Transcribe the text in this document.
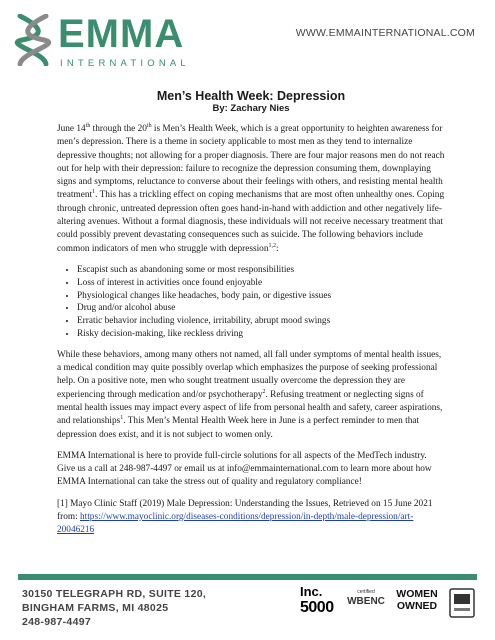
EMMA
INTERNATIONAL
WWW.EMMAINTERNATIONAL.COM
Men’s Health Week: Depression
By: Zachary Nies

June 14th through the 20th is Men’s Health Week, which is a great opportunity to heighten awareness for men’s depression. There is a theme in society applicable to most men as they tend to internalize depressive thoughts; not allowing for a proper diagnosis. There are four major reasons men do not reach out for help with their depression: failure to recognize the depression consuming them, downplaying signs and symptoms, reluctance to converse about their feelings with others, and resisting mental health treatment$^1$. This has a trickling effect on coping mechanisms that are most often unhealthy ones. Coping through chronic, untreated depression often goes hand-in-hand with addiction and other negatively life-altering avenues. Without a formal diagnosis, these individuals will not receive necessary treatment that could possibly prevent devastating consequences such as suicide. The following behaviors include common indicators of men who struggle with depression$^{1,2}$:

• Escapist such as abandoning some or most responsibilities
• Loss of interest in activities once found enjoyable
• Physiological changes like headaches, body pain, or digestive issues
• Drug and/or alcohol abuse
• Erratic behavior including violence, irritability, abrupt mood swings
• Risky decision-making, like reckless driving

While these behaviors, among many others not named, all fall under symptoms of mental health issues, a medical condition may quite possibly overlap which emphasizes the purpose of seeking professional help. On a positive note, men who sought treatment usually overcome the depression they are experiencing through medication and/or psychotherapy$^2$. Refusing treatment or neglecting signs of mental health issues may impact every aspect of life from personal health and safety, career aspirations, and relationships$^1$. This Men’s Mental Health Week here in June is a perfect reminder to men that depression does exist, and it is not subject to women only.

EMMA International is here to provide full-circle solutions for all aspects of the MedTech industry. Give us a call at 248-987-4497 or email us at info@emmainternational.com to learn more about how EMMA International can take the stress out of quality and regulatory compliance!

[1] Mayo Clinic Staff (2019) Male Depression: Understanding the Issues, Retrieved on 15 June 2021 from: https://www.mayoclinic.org/diseases-conditions/depression/in-depth/male-depression/art-20046216

30150 TELEGRAPH RD, SUITE 120,
BINGHAM FARMS, MI 48025
248-987-4497
Inc.
5000
certified
WBENC
WOMEN
OWNED
